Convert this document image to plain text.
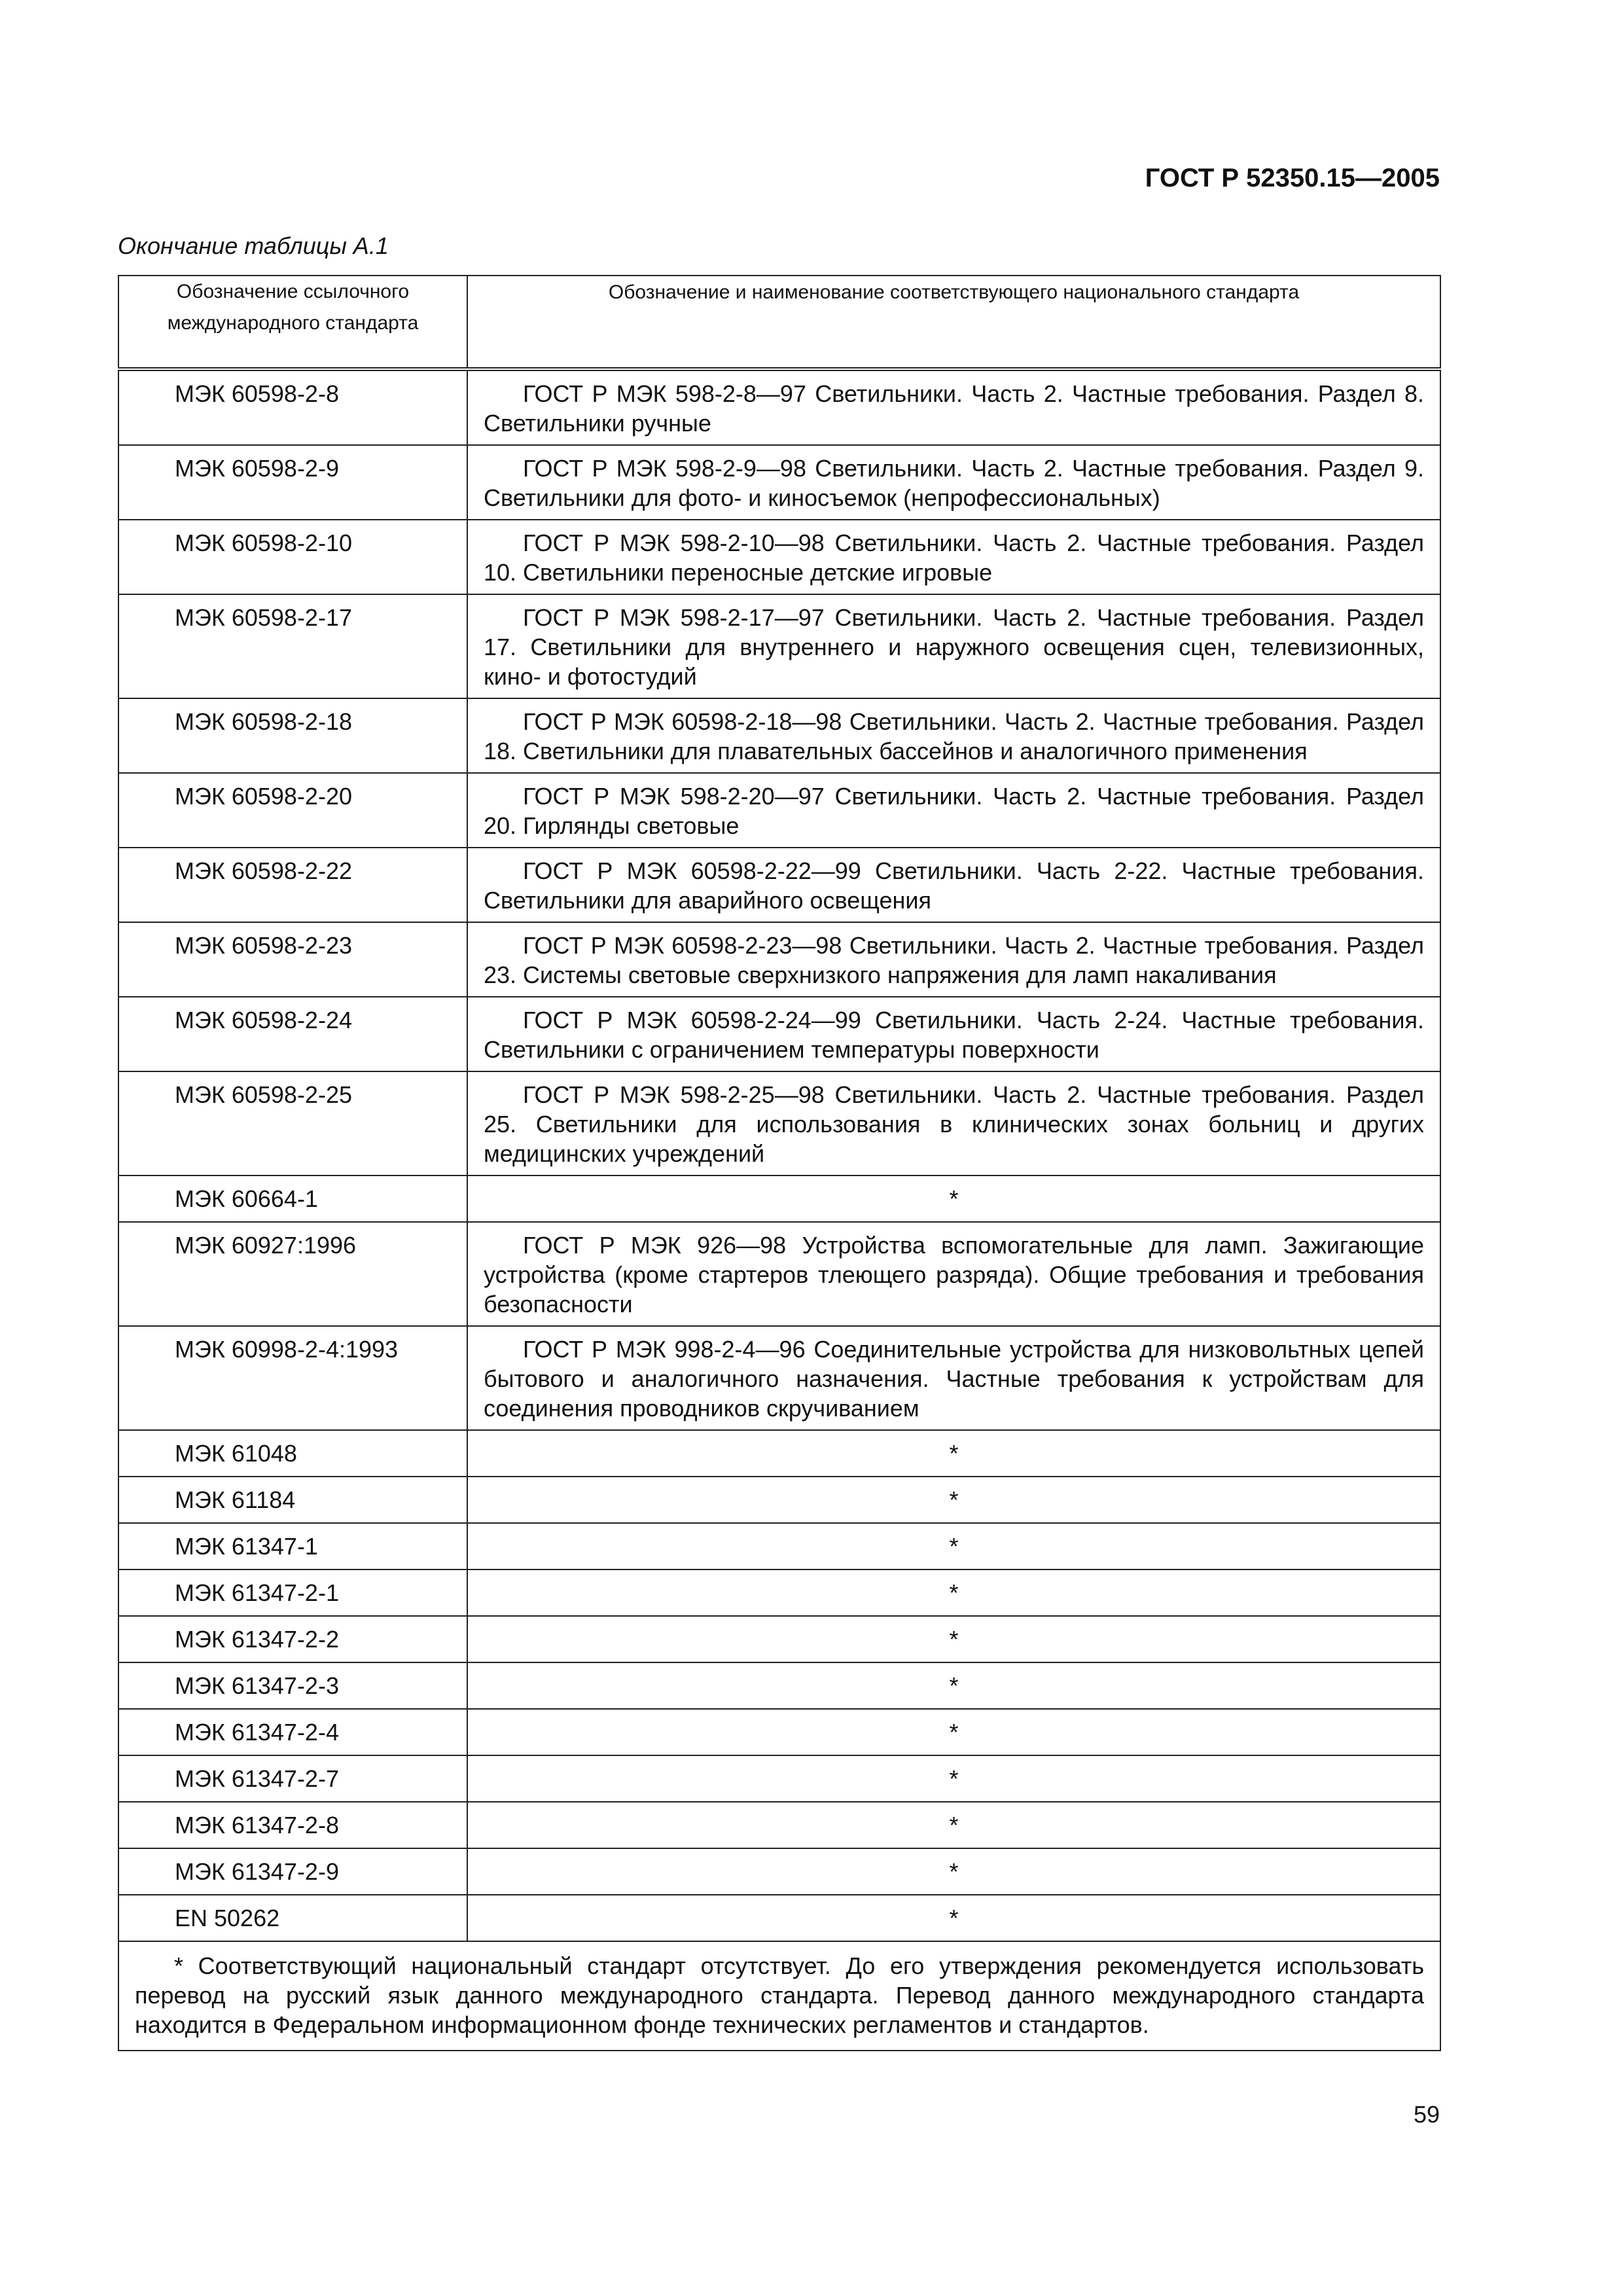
ГОСТ Р 52350.15—2005
Окончание таблицы А.1
Обозначение ссылочного международного стандарта	Обозначение и наименование соответствующего национального стандарта
МЭК 60598-2-8	ГОСТ Р МЭК 598-2-8—97 Светильники. Часть 2. Частные требования. Раздел 8. Светильники ручные

МЭК 60598-2-9	ГОСТ Р МЭК 598-2-9—98 Светильники. Часть 2. Частные требования. Раздел 9. Светильники для фото- и киносъемок (непрофессиональных)

МЭК 60598-2-10	ГОСТ Р МЭК 598-2-10—98 Светильники. Часть 2. Частные требования. Раздел 10. Светильники переносные детские игровые

МЭК 60598-2-17	ГОСТ Р МЭК 598-2-17—97 Светильники. Часть 2. Частные требования. Раздел 17. Светильники для внутреннего и наружного освещения сцен, телевизионных, кино- и фотостудий

МЭК 60598-2-18	ГОСТ Р МЭК 60598-2-18—98 Светильники. Часть 2. Частные требования. Раздел 18. Светильники для плавательных бассейнов и аналогичного применения

МЭК 60598-2-20	ГОСТ Р МЭК 598-2-20—97 Светильники. Часть 2. Частные требования. Раздел 20. Гирлянды световые

МЭК 60598-2-22	ГОСТ Р МЭК 60598-2-22—99 Светильники. Часть 2-22. Частные требования. Светильники для аварийного освещения

МЭК 60598-2-23	ГОСТ Р МЭК 60598-2-23—98 Светильники. Часть 2. Частные требования. Раздел 23. Системы световые сверхнизкого напряжения для ламп накаливания

МЭК 60598-2-24	ГОСТ Р МЭК 60598-2-24—99 Светильники. Часть 2-24. Частные требования. Светильники с ограничением температуры поверхности

МЭК 60598-2-25	ГОСТ Р МЭК 598-2-25—98 Светильники. Часть 2. Частные требования. Раздел 25. Светильники для использования в клинических зонах больниц и других медицинских учреждений

МЭК 60664-1	*
МЭК 60927:1996	ГОСТ Р МЭК 926—98 Устройства вспомогательные для ламп. Зажигающие устройства (кроме стартеров тлеющего разряда). Общие требования и требования безопасности

МЭК 60998-2-4:1993	ГОСТ Р МЭК 998-2-4—96 Соединительные устройства для низковольтных цепей бытового и аналогичного назначения. Частные требования к устройствам для соединения проводников скручиванием

МЭК 61048	*
МЭК 61184	*
МЭК 61347-1	*
МЭК 61347-2-1	*
МЭК 61347-2-2	*
МЭК 61347-2-3	*
МЭК 61347-2-4	*
МЭК 61347-2-7	*
МЭК 61347-2-8	*
МЭК 61347-2-9	*
EN 50262	*

* Соответствующий национальный стандарт отсутствует. До его утверждения рекомендуется использовать перевод на русский язык данного международного стандарта. Перевод данного международного стандарта находится в Федеральном информационном фонде технических регламентов и стандартов.	
59
